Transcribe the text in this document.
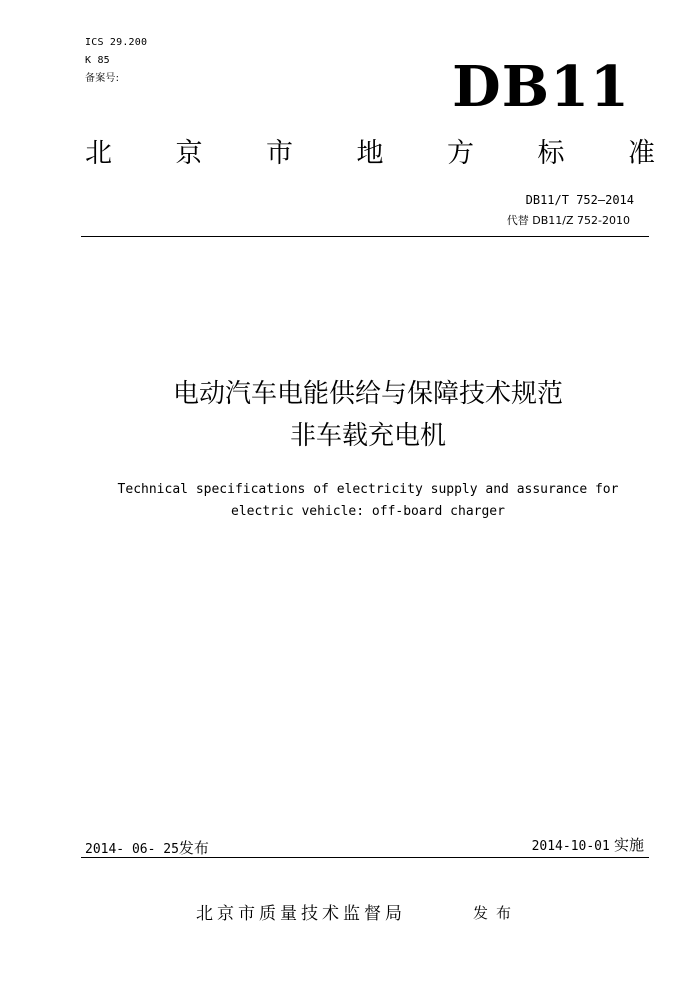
ICS 29.200
K 85
备案号:	DB11
北 京 市 地 方 标 准
DB11/T 752—2014
代替 DB11/Z 752-2010
电动汽车电能供给与保障技术规范
非车载充电机
Technical specifications of electricity supply and assurance for
electric vehicle: off-board charger
2014- 06- 25发布	2014-10-01 实施
北京市质量技术监督局	发布
